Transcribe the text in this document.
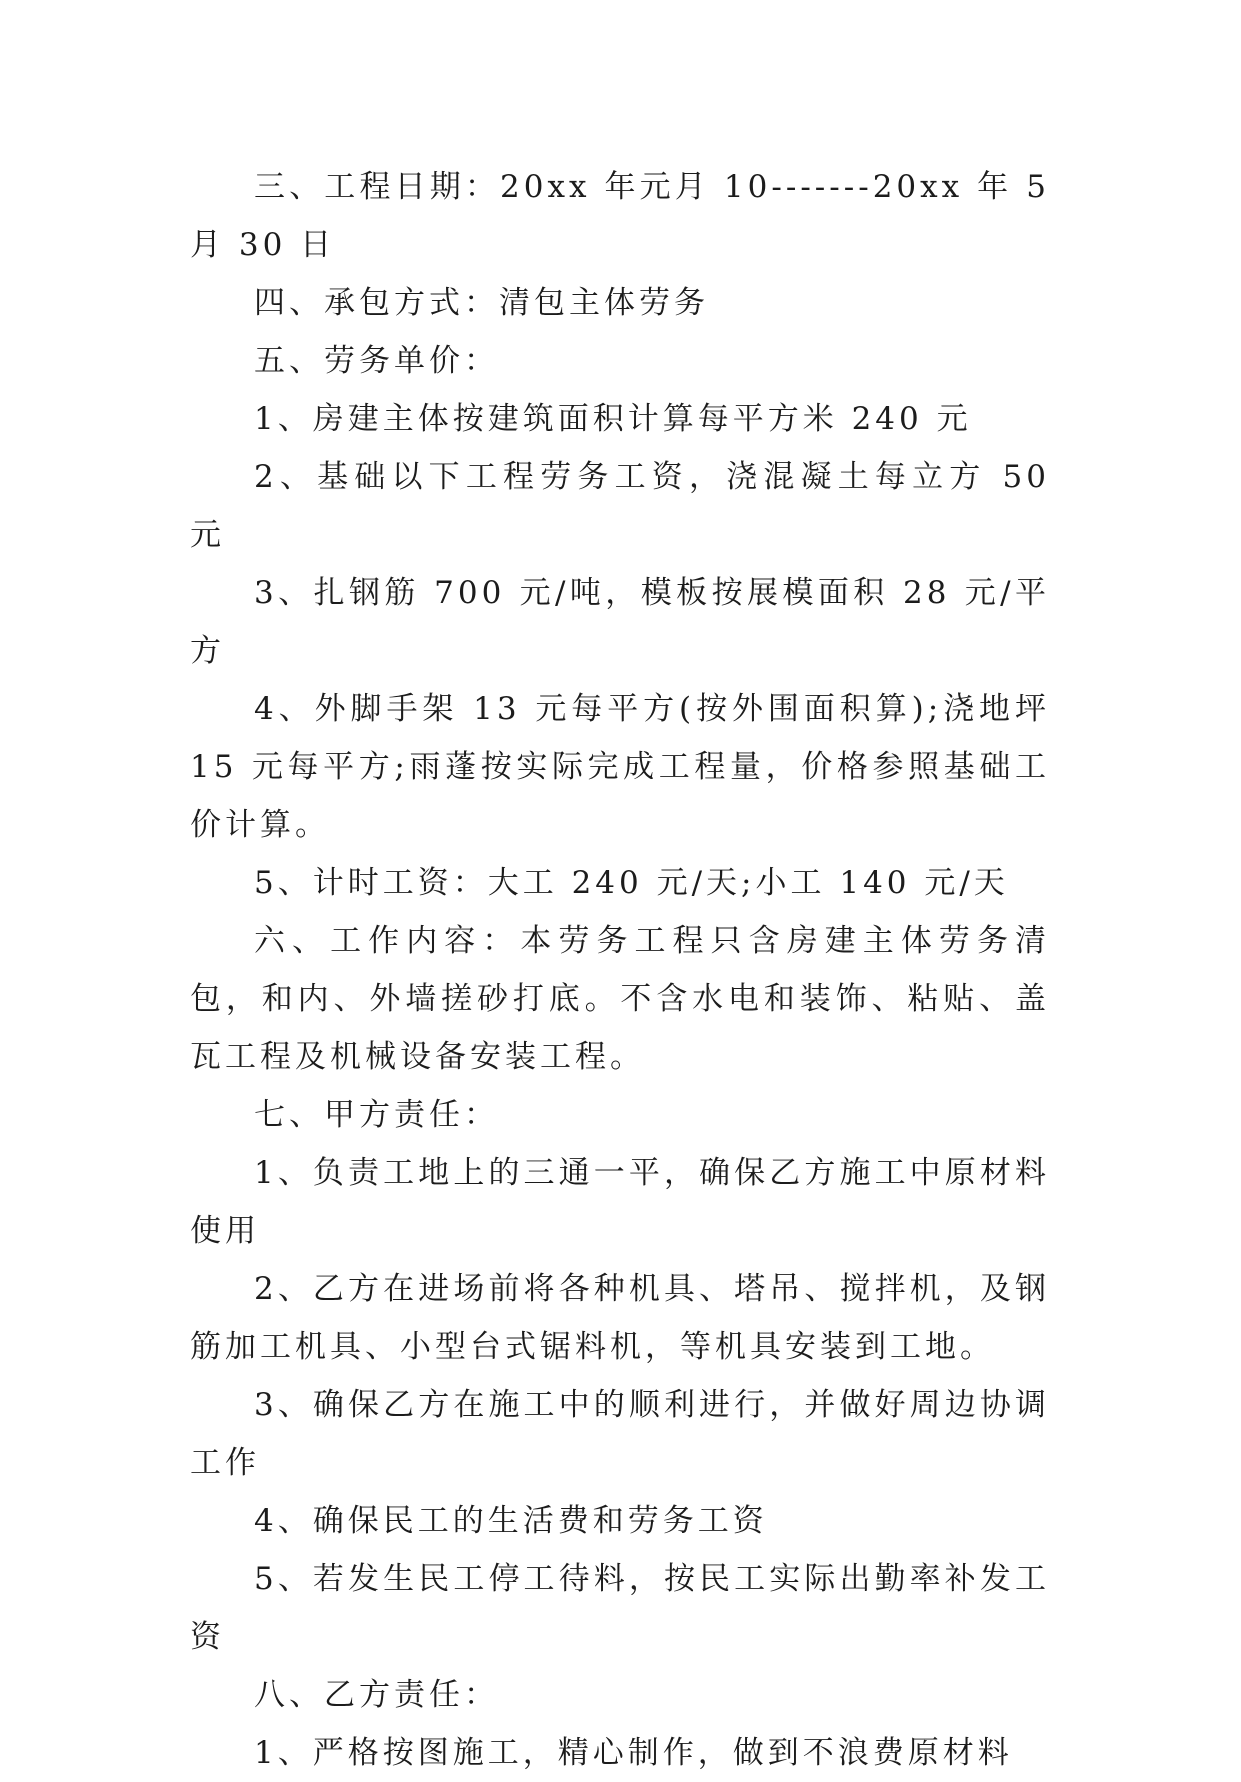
三、工程日期：20xx 年元月 10-------20xx 年 5 月 30 日

四、承包方式：清包主体劳务

五、劳务单价：

1、房建主体按建筑面积计算每平方米 240 元

2、基础以下工程劳务工资，浇混凝土每立方 50 元

3、扎钢筋 700 元/吨，模板按展模面积 28 元/平方

4、外脚手架 13 元每平方(按外围面积算);浇地坪 15 元每平方;雨蓬按实际完成工程量，价格参照基础工价计算。

5、计时工资：大工 240 元/天;小工 140 元/天

六、工作内容：本劳务工程只含房建主体劳务清包，和内、外墙搓砂打底。不含水电和装饰、粘贴、盖瓦工程及机械设备安装工程。

七、甲方责任：

1、负责工地上的三通一平，确保乙方施工中原材料使用

2、乙方在进场前将各种机具、塔吊、搅拌机，及钢筋加工机具、小型台式锯料机，等机具安装到工地。

3、确保乙方在施工中的顺利进行，并做好周边协调工作

4、确保民工的生活费和劳务工资

5、若发生民工停工待料，按民工实际出勤率补发工资

八、乙方责任：

1、严格按图施工，精心制作，做到不浪费原材料
